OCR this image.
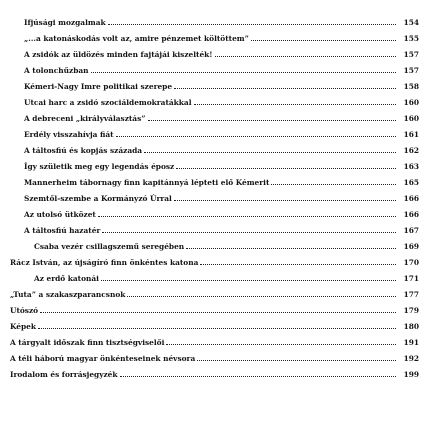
Ifjúsági mozgalmak	154
„...a katonáskodás volt az, amire pénzemet költöttem”	155
A zsidók az üldözés minden fajtájái kiszelték!	157
A tolonchűzban	157
Kémeri-Nagy Imre politikai szerepe	158
Utcai harc a zsidó szociáldemokratákkal	160
A debreceni „királyválasztás”	160
Erdély visszahívja fiát	161
A táltosfiú és kopjás százada	162
Így születik meg egy legendás éposz	163
Mannerheim tábornagy finn kapitánnyá lépteti elő Kémerit	165
Szemtől-szembe a Kormányzó Úrral	166
Az utolsó ütközet	166
A táltosfiú hazatér	167
Csaba vezér csillagszemű seregében	169
Rácz István, az újságíró finn önkéntes katona	170
Az erdő katonái	171
„Tuta” a szakaszparancsnok	177
Utószó	179
Képek	180
A tárgyalt időszak finn tisztségviselői	191
A téli háború magyar önkénteseinek névsora	192
Irodalom és forrásjegyzék	199
